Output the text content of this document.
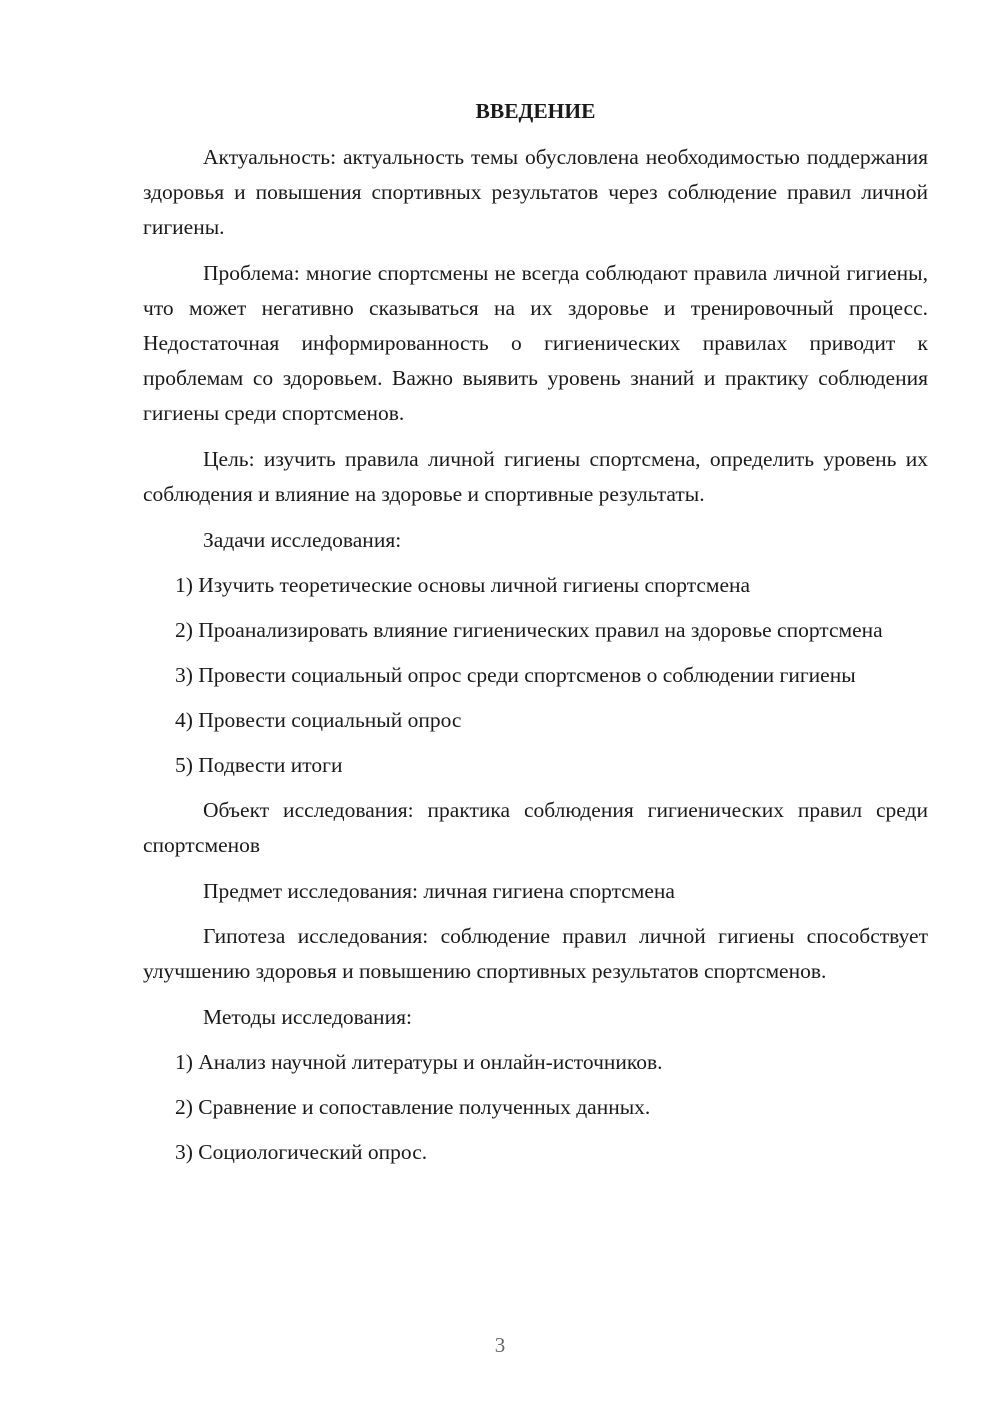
ВВЕДЕНИЕ

Актуальность: актуальность темы обусловлена необходимостью поддержания здоровья и повышения спортивных результатов через соблюдение правил личной гигиены.

Проблема: многие спортсмены не всегда соблюдают правила личной гигиены, что может негативно сказываться на их здоровье и тренировочный процесс. Недостаточная информированность о гигиенических правилах приводит к проблемам со здоровьем. Важно выявить уровень знаний и практику соблюдения гигиены среди спортсменов.

Цель: изучить правила личной гигиены спортсмена, определить уровень их соблюдения и влияние на здоровье и спортивные результаты.

Задачи исследования:

1) Изучить теоретические основы личной гигиены спортсмена

2) Проанализировать влияние гигиенических правил на здоровье спортсмена

3) Провести социальный опрос среди спортсменов о соблюдении гигиены

4) Провести социальный опрос

5) Подвести итоги

Объект исследования: практика соблюдения гигиенических правил среди спортсменов

Предмет исследования: личная гигиена спортсмена

Гипотеза исследования: соблюдение правил личной гигиены способствует улучшению здоровья и повышению спортивных результатов спортсменов.

Методы исследования:

1) Анализ научной литературы и онлайн-источников.

2) Сравнение и сопоставление полученных данных.

3) Социологический опрос.

3
